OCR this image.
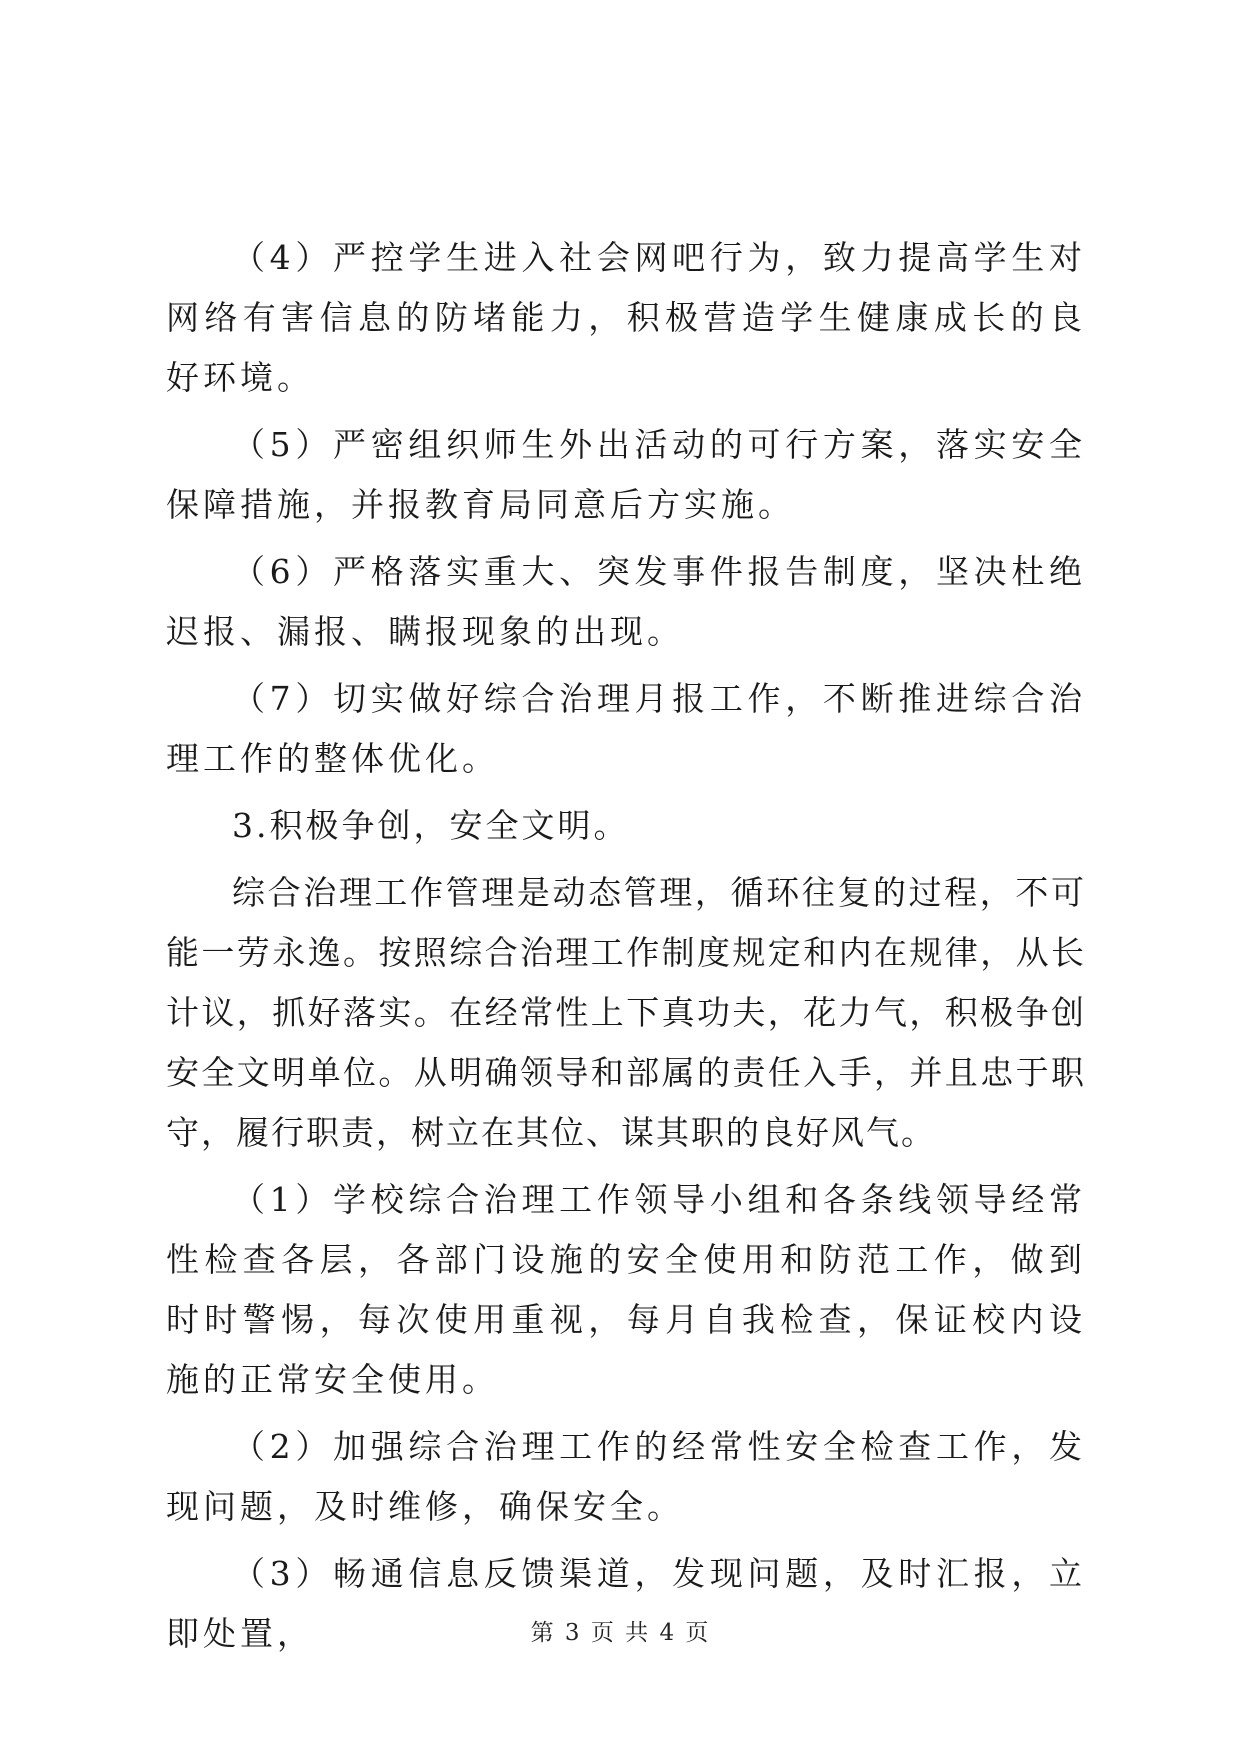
（4）严控学生进入社会网吧行为，致力提高学生对网络有害信息的防堵能力，积极营造学生健康成长的良好环境。

（5）严密组织师生外出活动的可行方案，落实安全保障措施，并报教育局同意后方实施。

（6）严格落实重大、突发事件报告制度，坚决杜绝迟报、漏报、瞒报现象的出现。

（7）切实做好综合治理月报工作，不断推进综合治理工作的整体优化。

3.积极争创，安全文明。

综合治理工作管理是动态管理，循环往复的过程，不可能一劳永逸。按照综合治理工作制度规定和内在规律，从长计议，抓好落实。在经常性上下真功夫，花力气，积极争创安全文明单位。从明确领导和部属的责任入手，并且忠于职守，履行职责，树立在其位、谋其职的良好风气。

（1）学校综合治理工作领导小组和各条线领导经常性检查各层，各部门设施的安全使用和防范工作，做到时时警惕，每次使用重视，每月自我检查，保证校内设施的正常安全使用。

（2）加强综合治理工作的经常性安全检查工作，发现问题，及时维修，确保安全。

（3）畅通信息反馈渠道，发现问题，及时汇报，立即处置，	第 3 页 共 4 页
